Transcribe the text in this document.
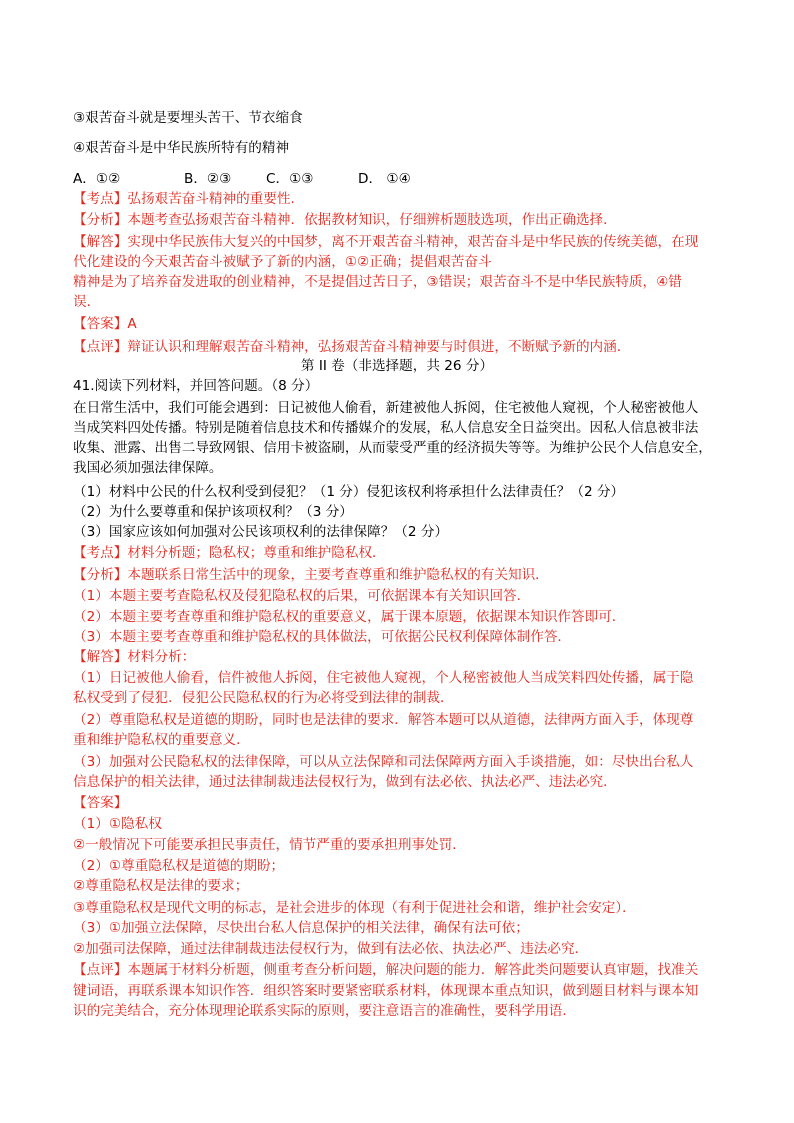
③艰苦奋斗就是要埋头苦干、节衣缩食
④艰苦奋斗是中华民族所特有的精神
A．①②	B．②③	C．①③	D． ①④
【考点】弘扬艰苦奋斗精神的重要性．
【分析】本题考查弘扬艰苦奋斗精神．依据教材知识，仔细辨析题肢选项，作出正确选择．
【解答】实现中华民族伟大复兴的中国梦，离不开艰苦奋斗精神，艰苦奋斗是中华民族的传统美德，在现
代化建设的今天艰苦奋斗被赋予了新的内涵，①②正确；提倡艰苦奋斗
精神是为了培养奋发进取的创业精神，不是提倡过苦日子，③错误；艰苦奋斗不是中华民族特质，④错
误．
【答案】A
【点评】辩证认识和理解艰苦奋斗精神，弘扬艰苦奋斗精神要与时俱进，不断赋予新的内涵．
第 II 卷（非选择题，共 26 分）
41.阅读下列材料，并回答问题。（8 分）
在日常生活中，我们可能会遇到：日记被他人偷看，新建被他人拆阅，住宅被他人窥视，个人秘密被他人
当成笑料四处传播。特别是随着信息技术和传播媒介的发展，私人信息安全日益突出。因私人信息被非法
收集、泄露、出售二导致网银、信用卡被盗刷，从而蒙受严重的经济损失等等。为维护公民个人信息安全，
我国必须加强法律保障。
（1）材料中公民的什么权利受到侵犯？（1 分）侵犯该权利将承担什么法律责任？（2 分）
（2）为什么要尊重和保护该项权利？（3 分）
（3）国家应该如何加强对公民该项权利的法律保障？（2 分）
【考点】材料分析题；隐私权；尊重和维护隐私权．
【分析】本题联系日常生活中的现象，主要考查尊重和维护隐私权的有关知识．
（1）本题主要考查隐私权及侵犯隐私权的后果，可依据课本有关知识回答．
（2）本题主要考查尊重和维护隐私权的重要意义，属于课本原题，依据课本知识作答即可．
（3）本题主要考查尊重和维护隐私权的具体做法，可依据公民权利保障体制作答．
【解答】材料分析：
（1）日记被他人偷看，信件被他人拆阅，住宅被他人窥视，个人秘密被他人当成笑料四处传播，属于隐
私权受到了侵犯．侵犯公民隐私权的行为必将受到法律的制裁．
（2）尊重隐私权是道德的期盼，同时也是法律的要求．解答本题可以从道德，法律两方面入手，体现尊
重和维护隐私权的重要意义．
（3）加强对公民隐私权的法律保障，可以从立法保障和司法保障两方面入手谈措施，如：尽快出台私人
信息保护的相关法律，通过法律制裁违法侵权行为，做到有法必依、执法必严、违法必究．
【答案】
（1）①隐私权
②一般情况下可能要承担民事责任，情节严重的要承担刑事处罚．
（2）①尊重隐私权是道德的期盼；
②尊重隐私权是法律的要求；
③尊重隐私权是现代文明的标志，是社会进步的体现（有利于促进社会和谐，维护社会安定）．
（3）①加强立法保障，尽快出台私人信息保护的相关法律，确保有法可依；
②加强司法保障，通过法律制裁违法侵权行为，做到有法必依、执法必严、违法必究．
【点评】本题属于材料分析题，侧重考查分析问题，解决问题的能力．解答此类问题要认真审题，找准关
键词语，再联系课本知识作答．组织答案时要紧密联系材料，体现课本重点知识，做到题目材料与课本知
识的完美结合，充分体现理论联系实际的原则，要注意语言的准确性，要科学用语．
